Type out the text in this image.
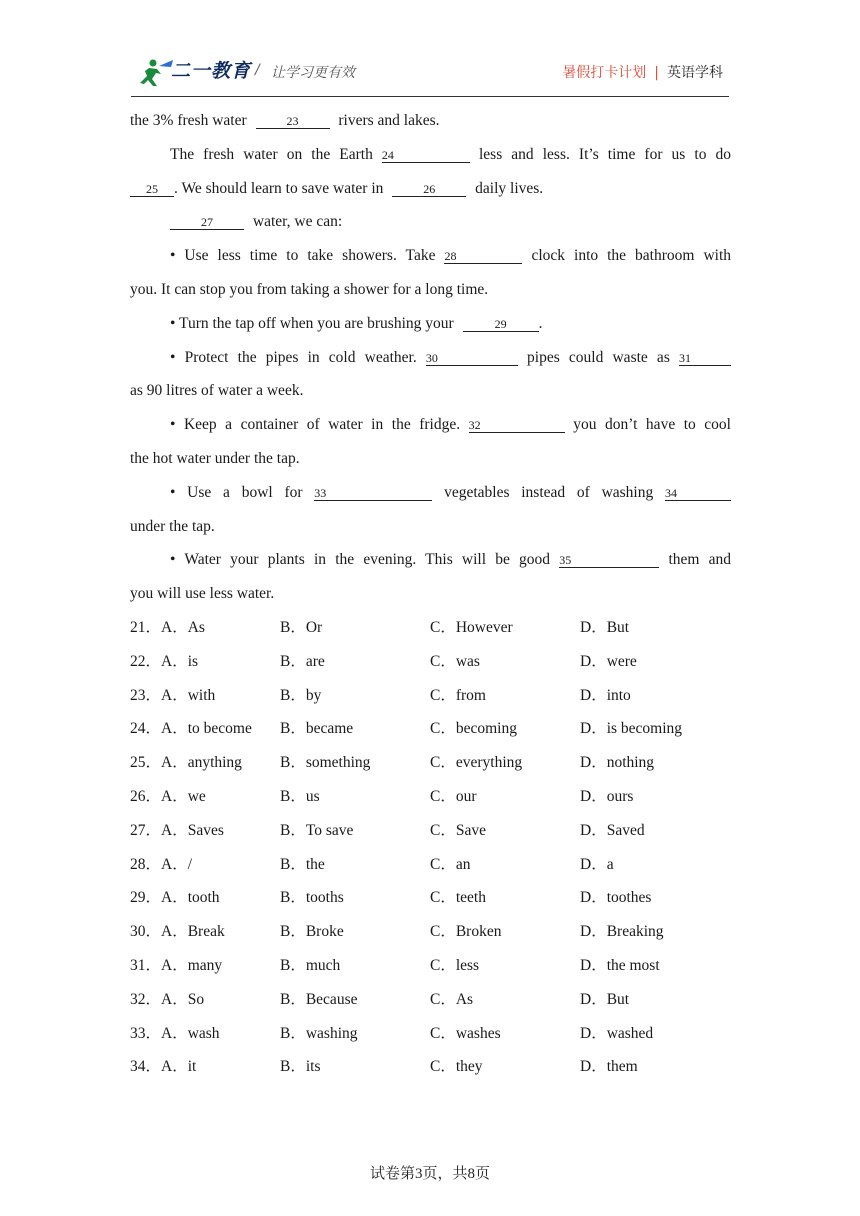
二一教育 / 让学习更有效	暑假打卡计划 | 英语学科
the 3% fresh water	23	rivers and lakes.
The fresh water on the Earth 24	less and less. It’s time for us to do
25 . We should learn to save water in	26	daily lives.
27	water, we can:
• Use less time to take showers. Take 28	clock into the bathroom with
you. It can stop you from taking a shower for a long time.
• Turn the tap off when you are brushing your	29 .
• Protect the pipes in cold weather. 30	pipes could waste as 31
as 90 litres of water a week.
• Keep a container of water in the fridge. 32	you don’t have to cool
the hot water under the tap.
• Use a bowl for 33	vegetables instead of washing 34
under the tap.
• Water your plants in the evening. This will be good 35	them and
you will use less water.
21．A．As	B．Or	C．However	D．But
22．A．is	B．are	C．was	D．were
23．A．with	B．by	C．from	D．into
24．A．to become B．became	C．becoming	D．is becoming
25．A．anything B．something	C．everything	D．nothing
26．A．we	B．us	C．our	D．ours
27．A．Saves	B．To save	C．Save	D．Saved
28．A．/	B．the	C．an	D．a
29．A．tooth	B．tooths	C．teeth	D．toothes
30．A．Break	B．Broke	C．Broken	D．Breaking
31．A．many	B．much	C．less	D．the most
32．A．So	B．Because	C．As	D．But
33．A．wash	B．washing	C．washes	D．washed
34．A．it	B．its	C．they	D．them
试卷第3页，共8页
